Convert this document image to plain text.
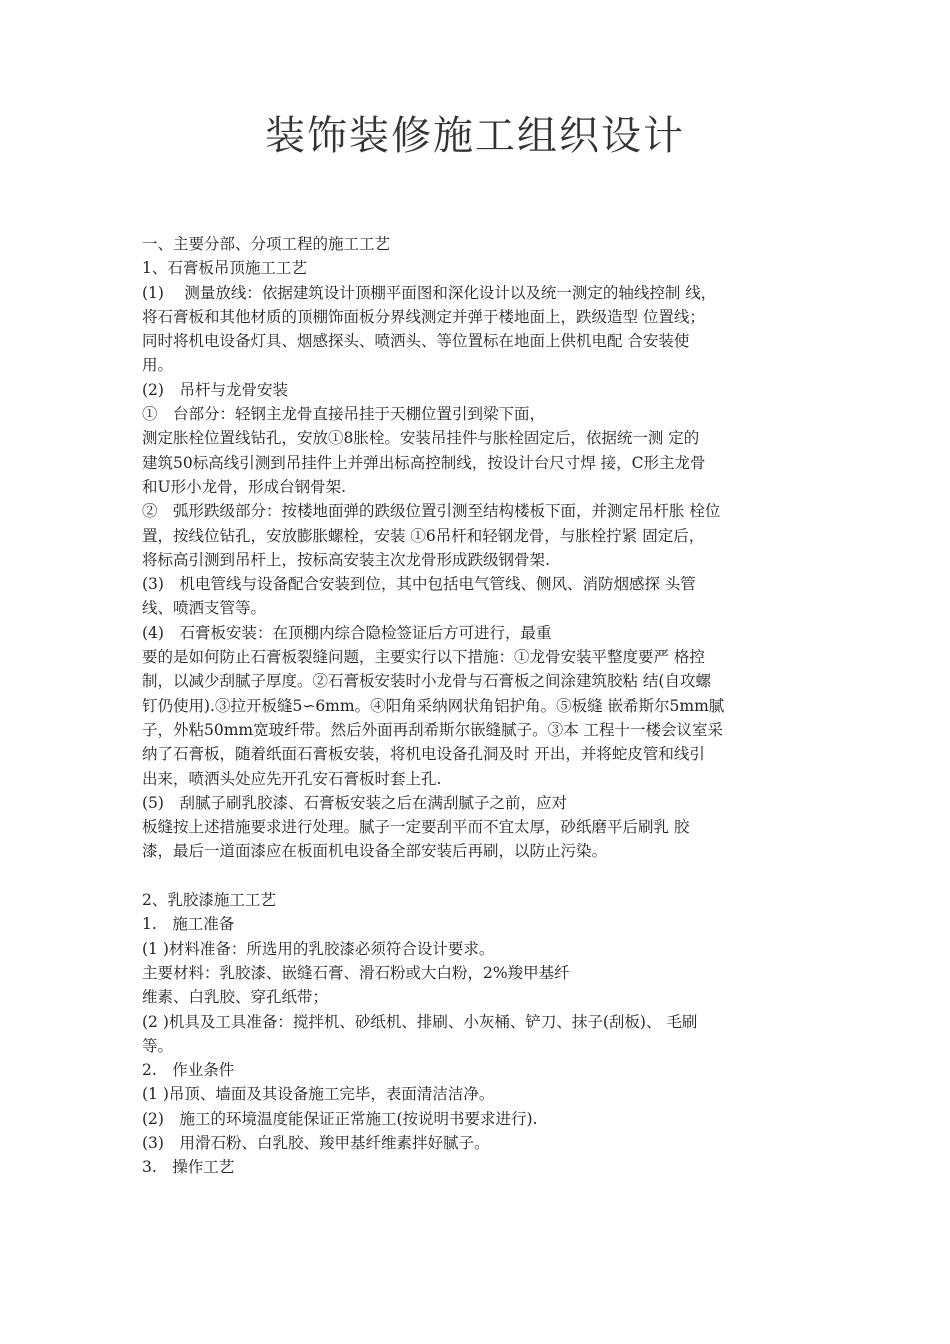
装饰装修施工组织设计
一、主要分部、分项工程的施工工艺
1、石膏板吊顶施工工艺
(1)　 测量放线：依据建筑设计顶棚平面图和深化设计以及统一测定的轴线控制 线，
将石膏板和其他材质的顶棚饰面板分界线测定并弹于楼地面上，跌级造型 位置线；
同时将机电设备灯具、烟感探头、喷洒头、等位置标在地面上供机电配 合安装使
用。
(2)　吊杆与龙骨安装
①　台部分：轻钢主龙骨直接吊挂于天棚位置引到梁下面，
测定胀栓位置线钻孔，安放①8胀栓。安装吊挂件与胀栓固定后，依据统一测 定的
建筑50标高线引测到吊挂件上并弹出标高控制线，按设计台尺寸焊 接，C形主龙骨
和U形小龙骨，形成台钢骨架.
②　弧形跌级部分：按楼地面弹的跌级位置引测至结构楼板下面，并测定吊杆胀 栓位
置，按线位钻孔，安放膨胀螺栓，安装 ①6吊杆和轻钢龙骨，与胀栓拧紧 固定后，
将标高引测到吊杆上，按标高安装主次龙骨形成跌级钢骨架.
(3)　机电管线与设备配合安装到位，其中包括电气管线、侧风、消防烟感探 头管
线、喷洒支管等。
(4)　石膏板安装：在顶棚内综合隐检签证后方可进行，最重
要的是如何防止石膏板裂缝问题，主要实行以下措施：①龙骨安装平整度要严 格控
制，以减少刮腻子厚度。②石膏板安装时小龙骨与石膏板之间涂建筑胶粘 结(自攻螺
钉仍使用).③拉开板缝5∽6mm。④阳角采纳网状角铝护角。⑤板缝 嵌希斯尔5mm腻
子，外粘50mm宽玻纤带。然后外面再刮希斯尔嵌缝腻子。③本 工程十一楼会议室采
纳了石膏板，随着纸面石膏板安装，将机电设备孔洞及时 开出，并将蛇皮管和线引
出来，喷洒头处应先开孔安石膏板时套上孔.
(5)　刮腻子刷乳胶漆、石膏板安装之后在满刮腻子之前，应对
板缝按上述措施要求进行处理。腻子一定要刮平而不宜太厚，砂纸磨平后刷乳 胶
漆，最后一道面漆应在板面机电设备全部安装后再刷，以防止污染。
2、乳胶漆施工工艺
1.　施工准备
(1 )材料准备：所选用的乳胶漆必须符合设计要求。
主要材料：乳胶漆、嵌缝石膏、滑石粉或大白粉，2%羧甲基纤
维素、白乳胶、穿孔纸带；
(2 )机具及工具准备：搅拌机、砂纸机、排刷、小灰桶、铲刀、抹子(刮板)、 毛刷
等。
2.　作业条件
(1 )吊顶、墙面及其设备施工完毕，表面清洁洁净。
(2)　施工的环境温度能保证正常施工(按说明书要求进行).
(3)　用滑石粉、白乳胶、羧甲基纤维素拌好腻子。
3.　操作工艺
